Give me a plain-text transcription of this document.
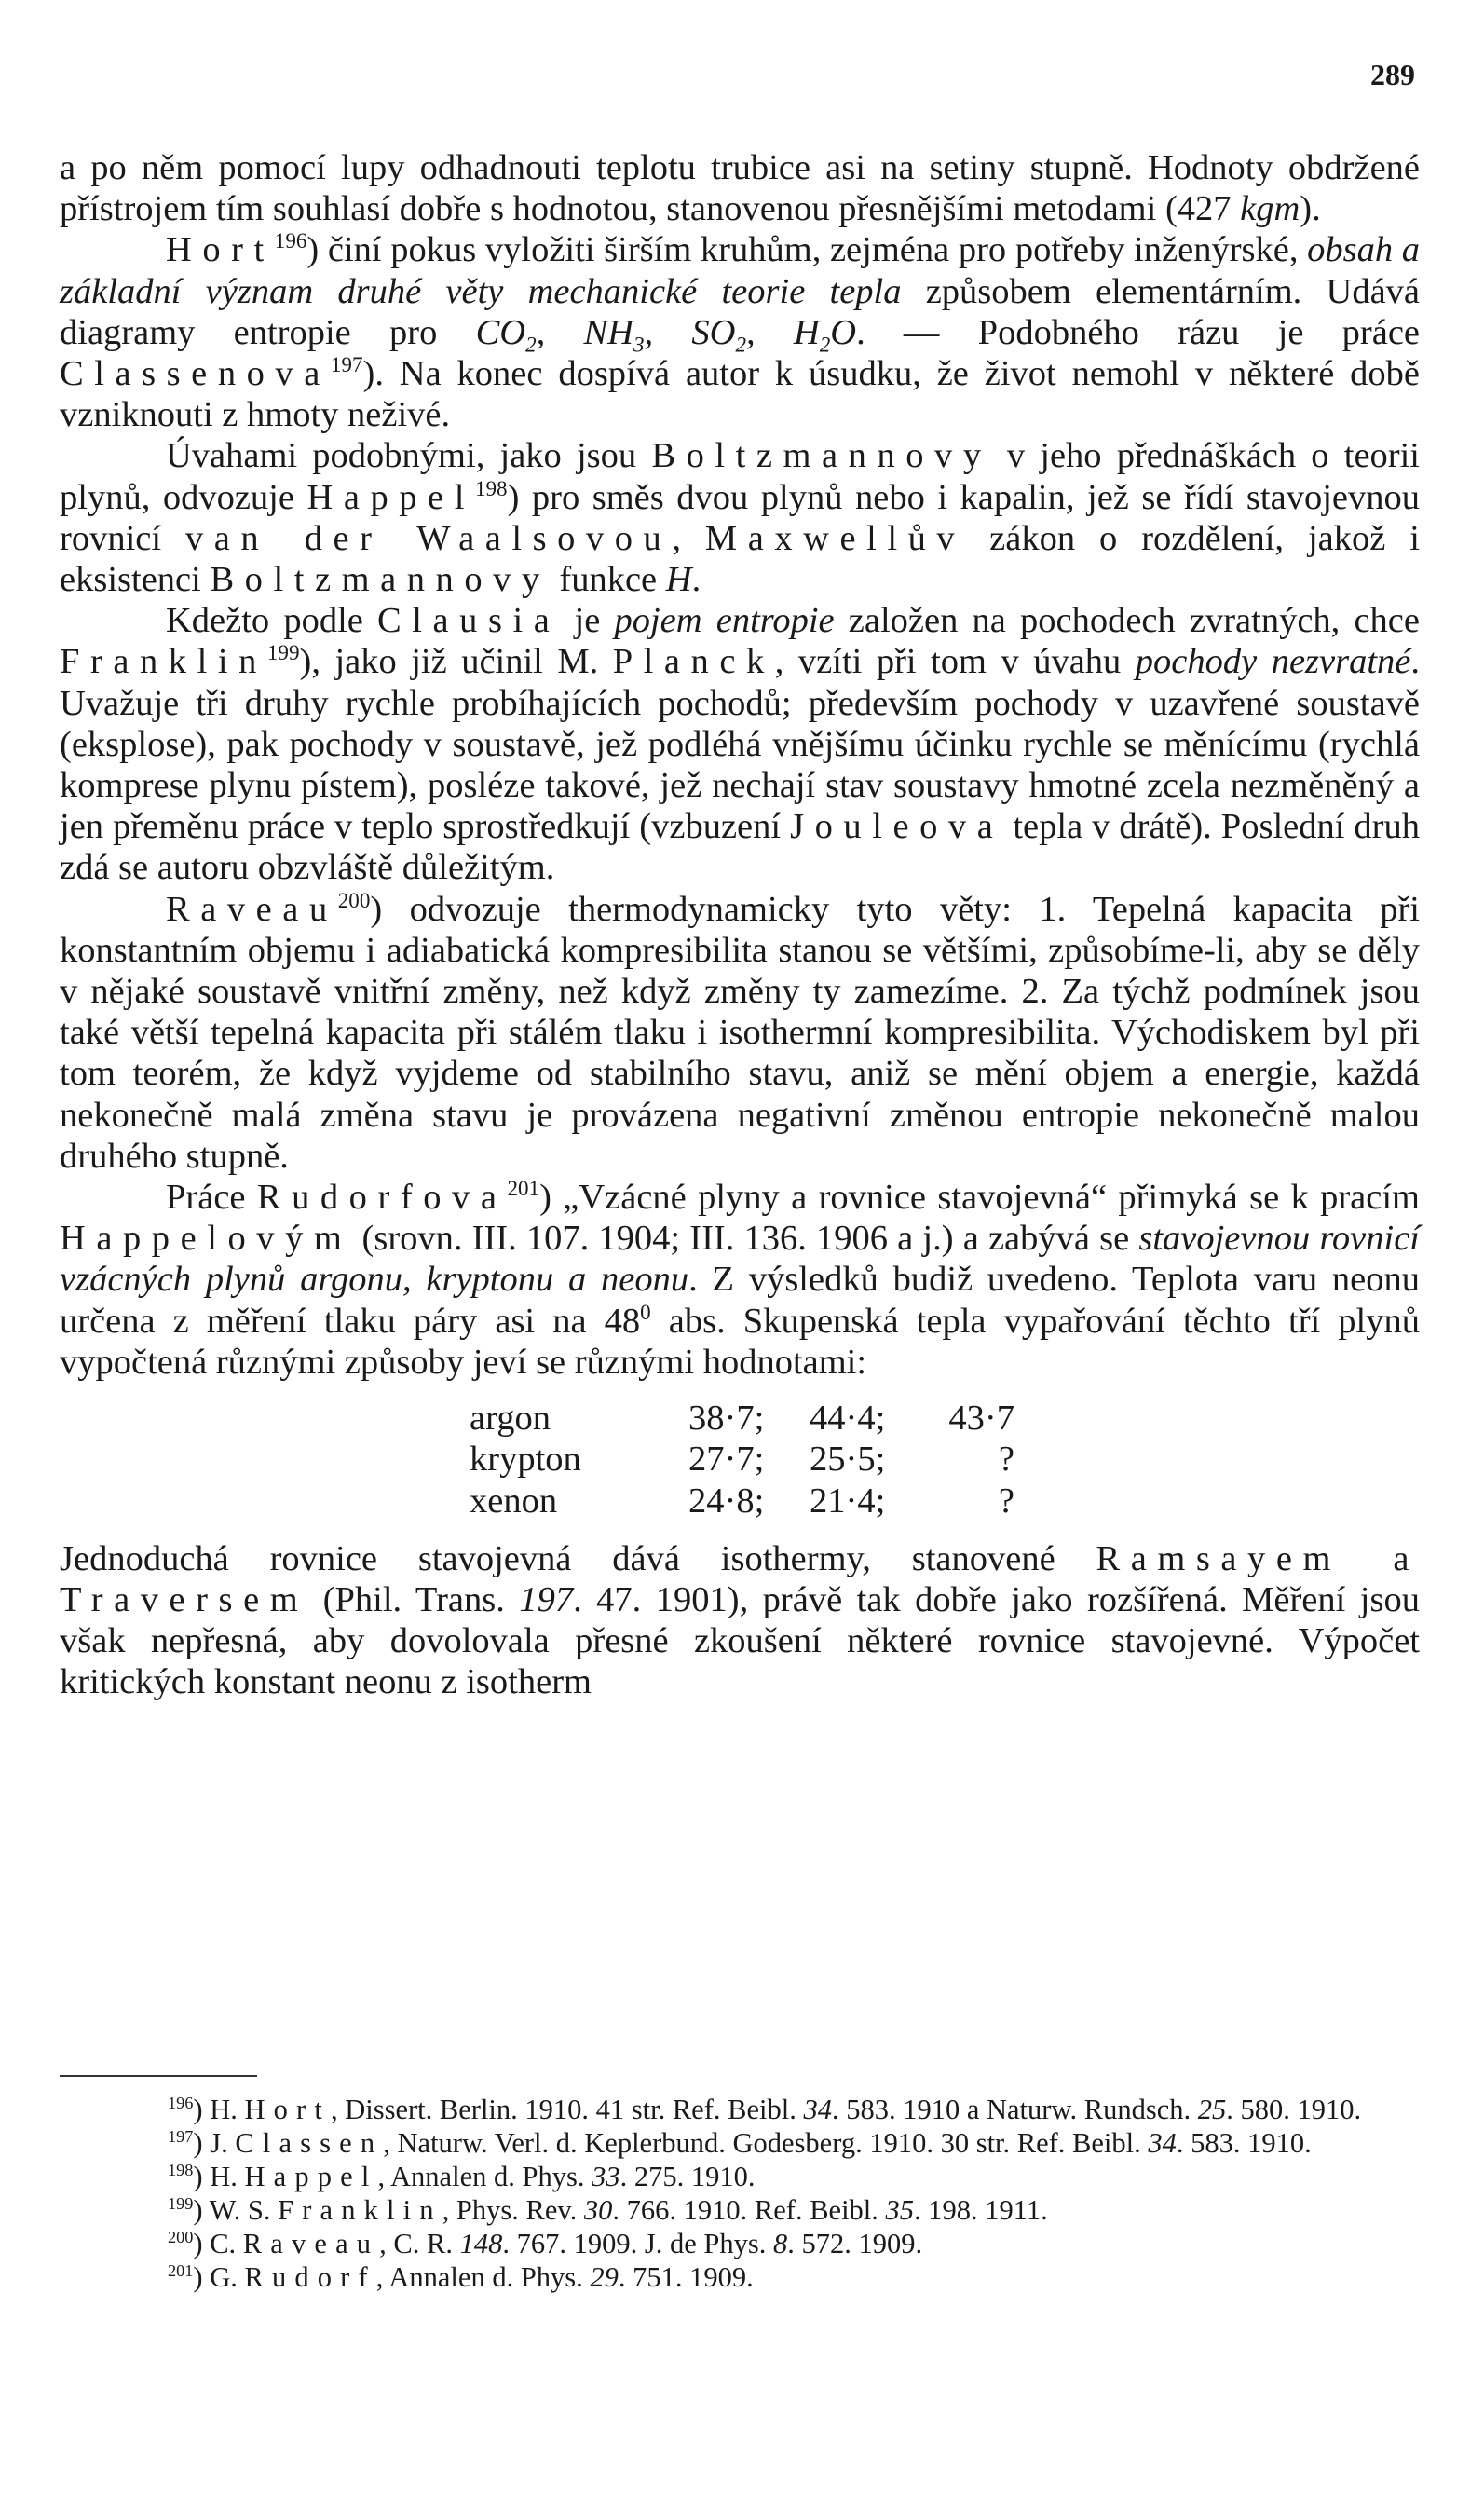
289

a po něm pomocí lupy odhadnouti teplotu trubice asi na setiny stupně. Hodnoty obdržené přístrojem tím souhlasí dobře s hodnotou, stanovenou přesnějšími metodami (427 kgm).

Hort$^{196}$) činí pokus vyložiti širším kruhům, zejména pro potřeby inženýrské, obsah a základní význam druhé věty mechanické teorie tepla způsobem elementárním. Udává diagramy entropie pro $CO_2$, $NH_3$, $SO_2$, $H_2O$. — Podobného rázu je práce Classenova$^{197}$). Na konec dospívá autor k úsudku, že život nemohl v některé době vzniknouti z hmoty neživé.

Úvahami podobnými, jako jsou Boltzmannovy v jeho přednáškách o teorii plynů, odvozuje Happel$^{198}$) pro směs dvou plynů nebo i kapalin, jež se řídí stavojevnou rovnicí van der Waalsovou, Maxwellův zákon o rozdělení, jakož i eksistenci Boltzmannovy funkce H.

Kdežto podle Clausia je pojem entropie založen na pochodech zvratných, chce Franklin$^{199}$), jako již učinil M. Planck, vzíti při tom v úvahu pochody nezvratné. Uvažuje tři druhy rychle probíhajících pochodů; především pochody v uzavřené soustavě (eksplose), pak pochody v soustavě, jež podléhá vnějšímu účinku rychle se měnícímu (rychlá komprese plynu pístem), posléze takové, jež nechají stav soustavy hmotné zcela nezměněný a jen přeměnu práce v teplo sprostředkují (vzbuzení Jouleova tepla v drátě). Poslední druh zdá se autoru obzvláště důležitým.

Raveau$^{200}$) odvozuje thermodynamicky tyto věty: 1. Tepelná kapacita při konstantním objemu i adiabatická kompresibilita stanou se většími, způsobíme-li, aby se děly v nějaké soustavě vnitřní změny, než když změny ty zamezíme. 2. Za týchž podmínek jsou také větší tepelná kapacita při stálém tlaku i isothermní kompresibilita. Východiskem byl při tom teorém, že když vyjdeme od stabilního stavu, aniž se mění objem a energie, každá nekonečně malá změna stavu je provázena negativní změnou entropie nekonečně malou druhého stupně.

Práce Rudorfova$^{201}$) „Vzácné plyny a rovnice stavojevná“ přimyká se k pracím Happelovým (srovn. III. 107. 1904; III. 136. 1906 a j.) a zabývá se stavojevnou rovnicí vzácných plynů argonu, kryptonu a neonu. Z výsledků budiž uvedeno. Teplota varu neonu určena z měření tlaku páry asi na $48^0$ abs. Skupenská tepla vypařování těchto tří plynů vypočtená různými způsoby jeví se různými hodnotami:

argon	38·7;	44·4;	43·7
krypton	27·7;	25·5;	?
xenon	24·8;	21·4;	?

Jednoduchá rovnice stavojevná dává isothermy, stanovené Ramsayem a Traversem (Phil. Trans. 197. 47. 1901), právě tak dobře jako rozšířená. Měření jsou však nepřesná, aby dovolovala přesné zkoušení některé rovnice stavojevné. Výpočet kritických konstant neonu z isotherm

$^{196}$) H. Hort, Dissert. Berlin. 1910. 41 str. Ref. Beibl. 34. 583. 1910 a Naturw. Rundsch. 25. 580. 1910.

$^{197}$) J. Classen, Naturw. Verl. d. Keplerbund. Godesberg. 1910. 30 str. Ref. Beibl. 34. 583. 1910.

$^{198}$) H. Happel, Annalen d. Phys. 33. 275. 1910.

$^{199}$) W. S. Franklin, Phys. Rev. 30. 766. 1910. Ref. Beibl. 35. 198. 1911.

$^{200}$) C. Raveau, C. R. 148. 767. 1909. J. de Phys. 8. 572. 1909.

$^{201}$) G. Rudorf, Annalen d. Phys. 29. 751. 1909.
